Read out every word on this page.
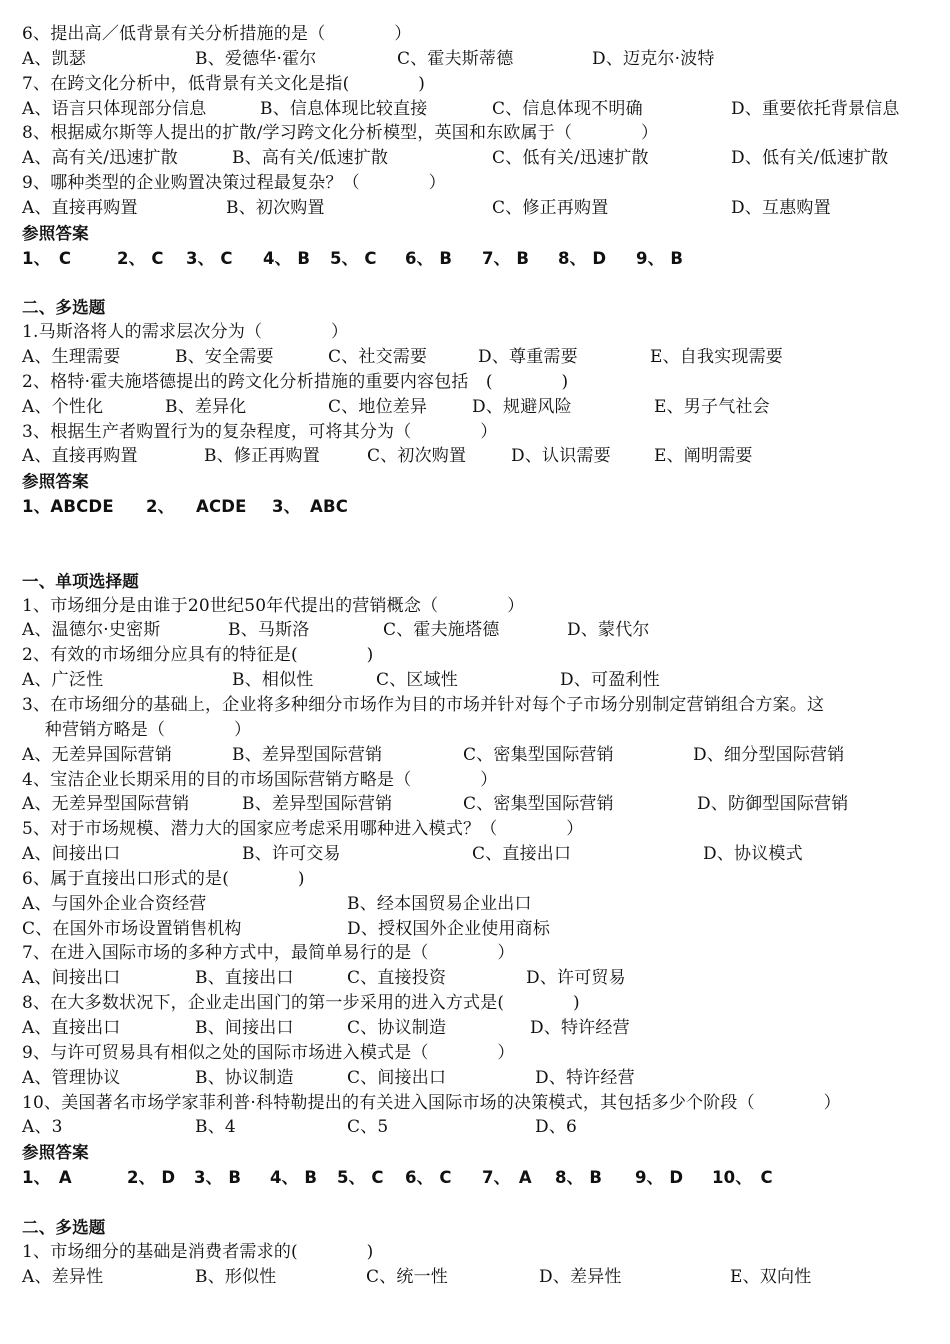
6、提出高／低背景有关分析措施的是（　　　　）
A、凯瑟	B、爱德华·霍尔	C、霍夫斯蒂德	D、迈克尔·波特
7、在跨文化分析中，低背景有关文化是指(　　　　)
A、语言只体现部分信息	B、信息体现比较直接	C、信息体现不明确	D、重要依托背景信息
8、根据威尔斯等人提出的扩散/学习跨文化分析模型，英国和东欧属于（　　　　）
A、高有关/迅速扩散	B、高有关/低速扩散	C、低有关/迅速扩散	D、低有关/低速扩散
9、哪种类型的企业购置决策过程最复杂？（　　　　）
A、直接再购置	B、初次购置	C、修正再购置	D、互惠购置
参照答案
1、　C	2、 C 3、 C 4、 B 5、 C 6、 B 7、 B 8、 D 9、 B
二、多选题
1.马斯洛将人的需求层次分为（　　　　）
A、生理需要	B、安全需要	C、社交需要	D、尊重需要	E、自我实现需要
2、格特·霍夫施塔德提出的跨文化分析措施的重要内容包括　(　　　　)
A、个性化	B、差异化	C、地位差异	D、规避风险	E、男子气社会
3、根据生产者购置行为的复杂程度，可将其分为（　　　　）
A、直接再购置	B、修正再购置	C、初次购置	D、认识需要	E、阐明需要
参照答案
1、ABCDE 2、 ACDE 3、 ABC
一、单项选择题
1、市场细分是由谁于20世纪50年代提出的营销概念（　　　　）
A、温德尔·史密斯	B、马斯洛	C、霍夫施塔德	D、蒙代尔
2、有效的市场细分应具有的特征是(　　　　)
A、广泛性	B、相似性	C、区域性	D、可盈利性
3、在市场细分的基础上，企业将多种细分市场作为目的市场并针对每个子市场分别制定营销组合方案。这
　 种营销方略是（　　　　）
A、无差异国际营销	B、差异型国际营销	C、密集型国际营销	D、细分型国际营销
4、宝洁企业长期采用的目的市场国际营销方略是（　　　　）
A、无差异型国际营销	B、差异型国际营销	C、密集型国际营销	D、防御型国际营销
5、对于市场规模、潜力大的国家应考虑采用哪种进入模式？（　　　　）
A、间接出口	B、许可交易	C、直接出口	D、协议模式
6、属于直接出口形式的是(　　　　)
A、与国外企业合资经营	B、经本国贸易企业出口
C、在国外市场设置销售机构	D、授权国外企业使用商标
7、在进入国际市场的多种方式中，最简单易行的是（　　　　）
A、间接出口	B、直接出口	C、直接投资	D、许可贸易
8、在大多数状况下，企业走出国门的第一步采用的进入方式是(　　　　)
A、直接出口	B、间接出口	C、协议制造	D、特许经营
9、与许可贸易具有相似之处的国际市场进入模式是（　　　　）
A、管理协议	B、协议制造	C、间接出口	D、特许经营
10、美国著名市场学家菲利普·科特勒提出的有关进入国际市场的决策模式，其包括多少个阶段（　　　　）
A、3	B、4	C、5	D、6
参照答案
1、　A	2、 D 3、 B 4、 B 5、 C 6、 C 7、　A 8、 B 9、 D 10、　C
二、多选题
1、市场细分的基础是消费者需求的(　　　　)
A、差异性	B、形似性	C、统一性	D、差异性	E、双向性
